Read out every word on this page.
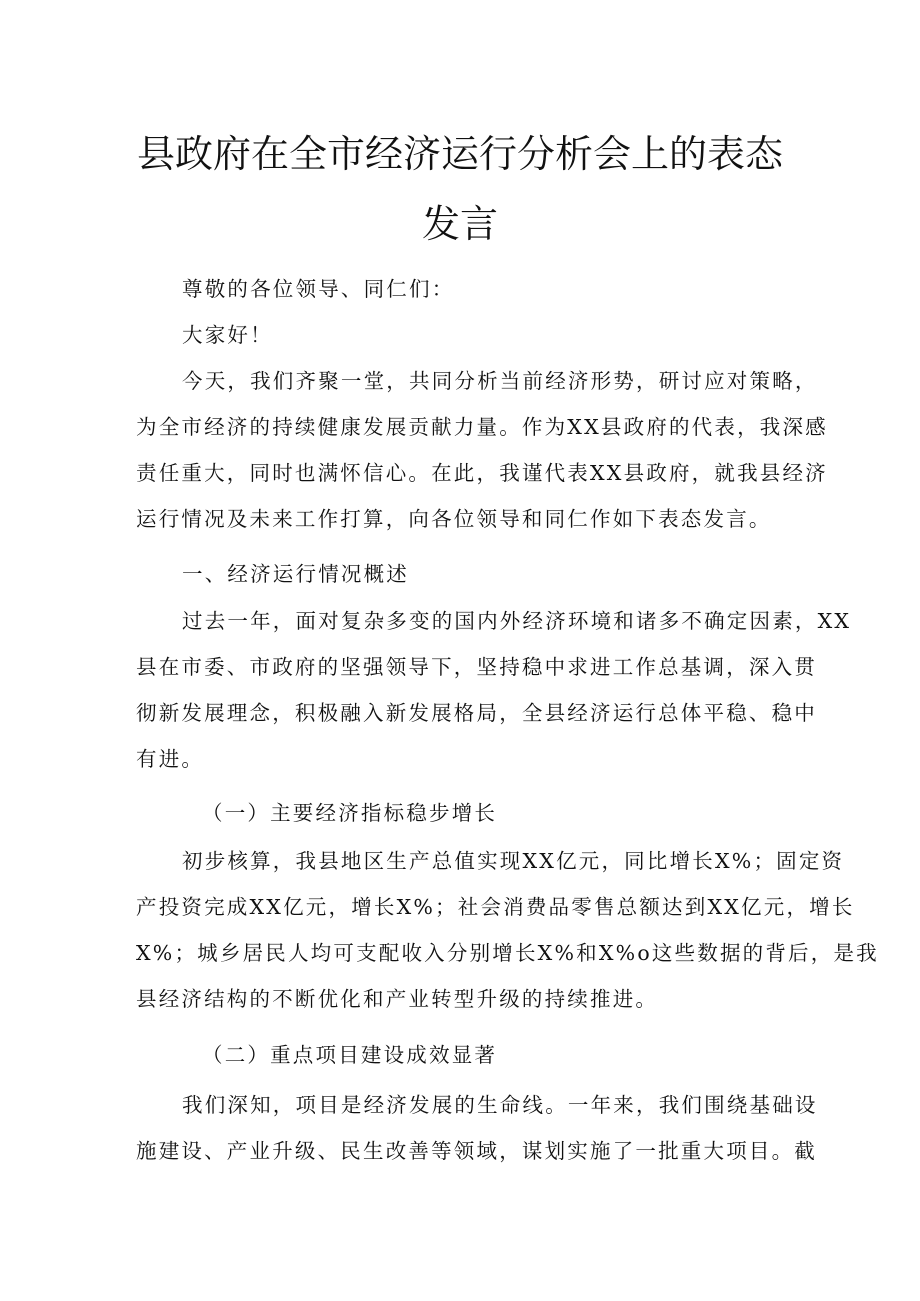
县政府在全市经济运行分析会上的表态
发言

尊敬的各位领导、同仁们：

大家好！

今天，我们齐聚一堂，共同分析当前经济形势，研讨应对策略，
为全市经济的持续健康发展贡献力量。作为XX县政府的代表，我深感
责任重大，同时也满怀信心。在此，我谨代表XX县政府，就我县经济
运行情况及未来工作打算，向各位领导和同仁作如下表态发言。

一、经济运行情况概述

过去一年，面对复杂多变的国内外经济环境和诸多不确定因素，XX
县在市委、市政府的坚强领导下，坚持稳中求进工作总基调，深入贯
彻新发展理念，积极融入新发展格局，全县经济运行总体平稳、稳中
有进。

（一）主要经济指标稳步增长

初步核算，我县地区生产总值实现XX亿元，同比增长X%；固定资
产投资完成XX亿元，增长X%；社会消费品零售总额达到XX亿元，增长
X%；城乡居民人均可支配收入分别增长X%和X%o这些数据的背后，是我
县经济结构的不断优化和产业转型升级的持续推进。

（二）重点项目建设成效显著

我们深知，项目是经济发展的生命线。一年来，我们围绕基础设
施建设、产业升级、民生改善等领域，谋划实施了一批重大项目。截
